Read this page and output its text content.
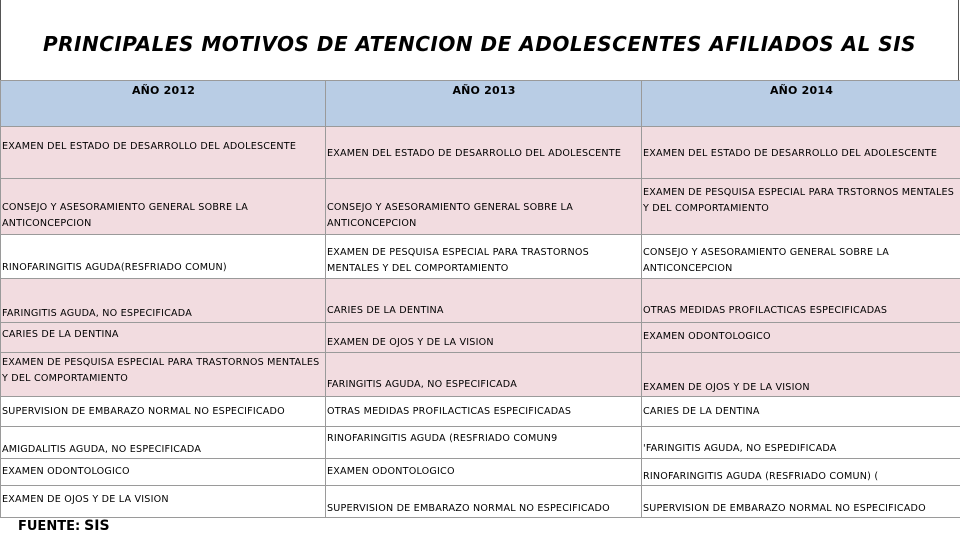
PRINCIPALES MOTIVOS DE ATENCION DE ADOLESCENTES AFILIADOS AL SIS
AÑO 2012	AÑO 2013	AÑO 2014
EXAMEN DEL ESTADO DE DESARROLLO DEL ADOLESCENTE	EXAMEN DEL ESTADO DE DESARROLLO DEL ADOLESCENTE	EXAMEN DEL ESTADO DE DESARROLLO DEL ADOLESCENTE
CONSEJO Y ASESORAMIENTO GENERAL SOBRE LA ANTICONCEPCION	CONSEJO Y ASESORAMIENTO GENERAL SOBRE LA ANTICONCEPCION	EXAMEN DE PESQUISA ESPECIAL PARA TRSTORNOS MENTALES Y DEL COMPORTAMIENTO
RINOFARINGITIS AGUDA(RESFRIADO COMUN)	EXAMEN DE PESQUISA ESPECIAL PARA TRASTORNOS MENTALES Y DEL COMPORTAMIENTO	CONSEJO Y ASESORAMIENTO GENERAL SOBRE LA ANTICONCEPCION
FARINGITIS AGUDA, NO ESPECIFICADA	CARIES DE LA DENTINA	OTRAS MEDIDAS PROFILACTICAS ESPECIFICADAS
CARIES DE LA DENTINA	EXAMEN DE OJOS Y DE LA VISION	EXAMEN ODONTOLOGICO
EXAMEN DE PESQUISA ESPECIAL PARA TRASTORNOS MENTALES Y DEL COMPORTAMIENTO	FARINGITIS AGUDA, NO ESPECIFICADA	EXAMEN DE OJOS Y DE LA VISION
SUPERVISION DE EMBARAZO NORMAL NO ESPECIFICADO	OTRAS MEDIDAS PROFILACTICAS ESPECIFICADAS	CARIES DE LA DENTINA
AMIGDALITIS AGUDA, NO ESPECIFICADA	RINOFARINGITIS AGUDA (RESFRIADO COMUN9	'FARINGITIS AGUDA, NO ESPEDIFICADA
EXAMEN ODONTOLOGICO	EXAMEN ODONTOLOGICO	RINOFARINGITIS AGUDA (RESFRIADO COMUN) (
EXAMEN DE OJOS Y DE LA VISION	SUPERVISION DE EMBARAZO NORMAL NO ESPECIFICADO	SUPERVISION DE EMBARAZO NORMAL NO ESPECIFICADO
FUENTE: SIS
